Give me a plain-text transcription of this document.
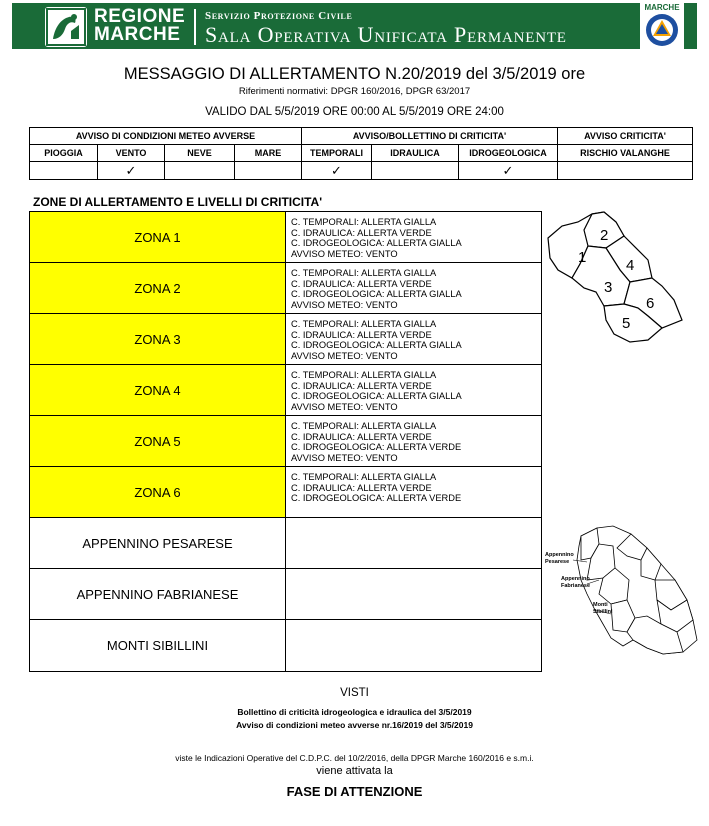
REGIONE
MARCHE
Servizio Protezione Civile
Sala Operativa Unificata Permanente
MARCHE
MESSAGGIO DI ALLERTAMENTO N.20/2019 del 3/5/2019 ore
Riferimenti normativi: DPGR 160/2016, DPGR 63/2017
VALIDO DAL 5/5/2019 ORE 00:00 AL 5/5/2019 ORE 24:00
AVVISO DI CONDIZIONI METEO AVVERSE				AVVISO/BOLLETTINO DI CRITICITA'			AVVISO CRITICITA'
PIOGGIA	VENTO	NEVE	MARE	TEMPORALI	IDRAULICA	IDROGEOLOGICA	RISCHIO VALANGHE
	✓			✓		✓	
ZONE DI ALLERTAMENTO E LIVELLI DI CRITICITA'
ZONA 1
C. TEMPORALI: ALLERTA GIALLA
C. IDRAULICA: ALLERTA VERDE
C. IDROGEOLOGICA: ALLERTA GIALLA
AVVISO METEO: VENTO
ZONA 2
C. TEMPORALI: ALLERTA GIALLA
C. IDRAULICA: ALLERTA VERDE
C. IDROGEOLOGICA: ALLERTA GIALLA
AVVISO METEO: VENTO
ZONA 3
C. TEMPORALI: ALLERTA GIALLA
C. IDRAULICA: ALLERTA VERDE
C. IDROGEOLOGICA: ALLERTA GIALLA
AVVISO METEO: VENTO
ZONA 4
C. TEMPORALI: ALLERTA GIALLA
C. IDRAULICA: ALLERTA VERDE
C. IDROGEOLOGICA: ALLERTA GIALLA
AVVISO METEO: VENTO
ZONA 5
C. TEMPORALI: ALLERTA GIALLA
C. IDRAULICA: ALLERTA VERDE
C. IDROGEOLOGICA: ALLERTA VERDE
AVVISO METEO: VENTO
ZONA 6
C. TEMPORALI: ALLERTA GIALLA
C. IDRAULICA: ALLERTA VERDE
C. IDROGEOLOGICA: ALLERTA VERDE
APPENNINO PESARESE
APPENNINO FABRIANESE
MONTI SIBILLINI
2
1	4
3
6
5
Appennino
Pesarese
Appennino
Fabrianese
Monti
Sibillini
VISTI
Bollettino di criticità idrogeologica e idraulica del 3/5/2019
Avviso di condizioni meteo avverse nr.16/2019 del 3/5/2019
viste le Indicazioni Operative del C.D.P.C. del 10/2/2016, della DPGR Marche 160/2016 e s.m.i.
viene attivata la
FASE DI ATTENZIONE
